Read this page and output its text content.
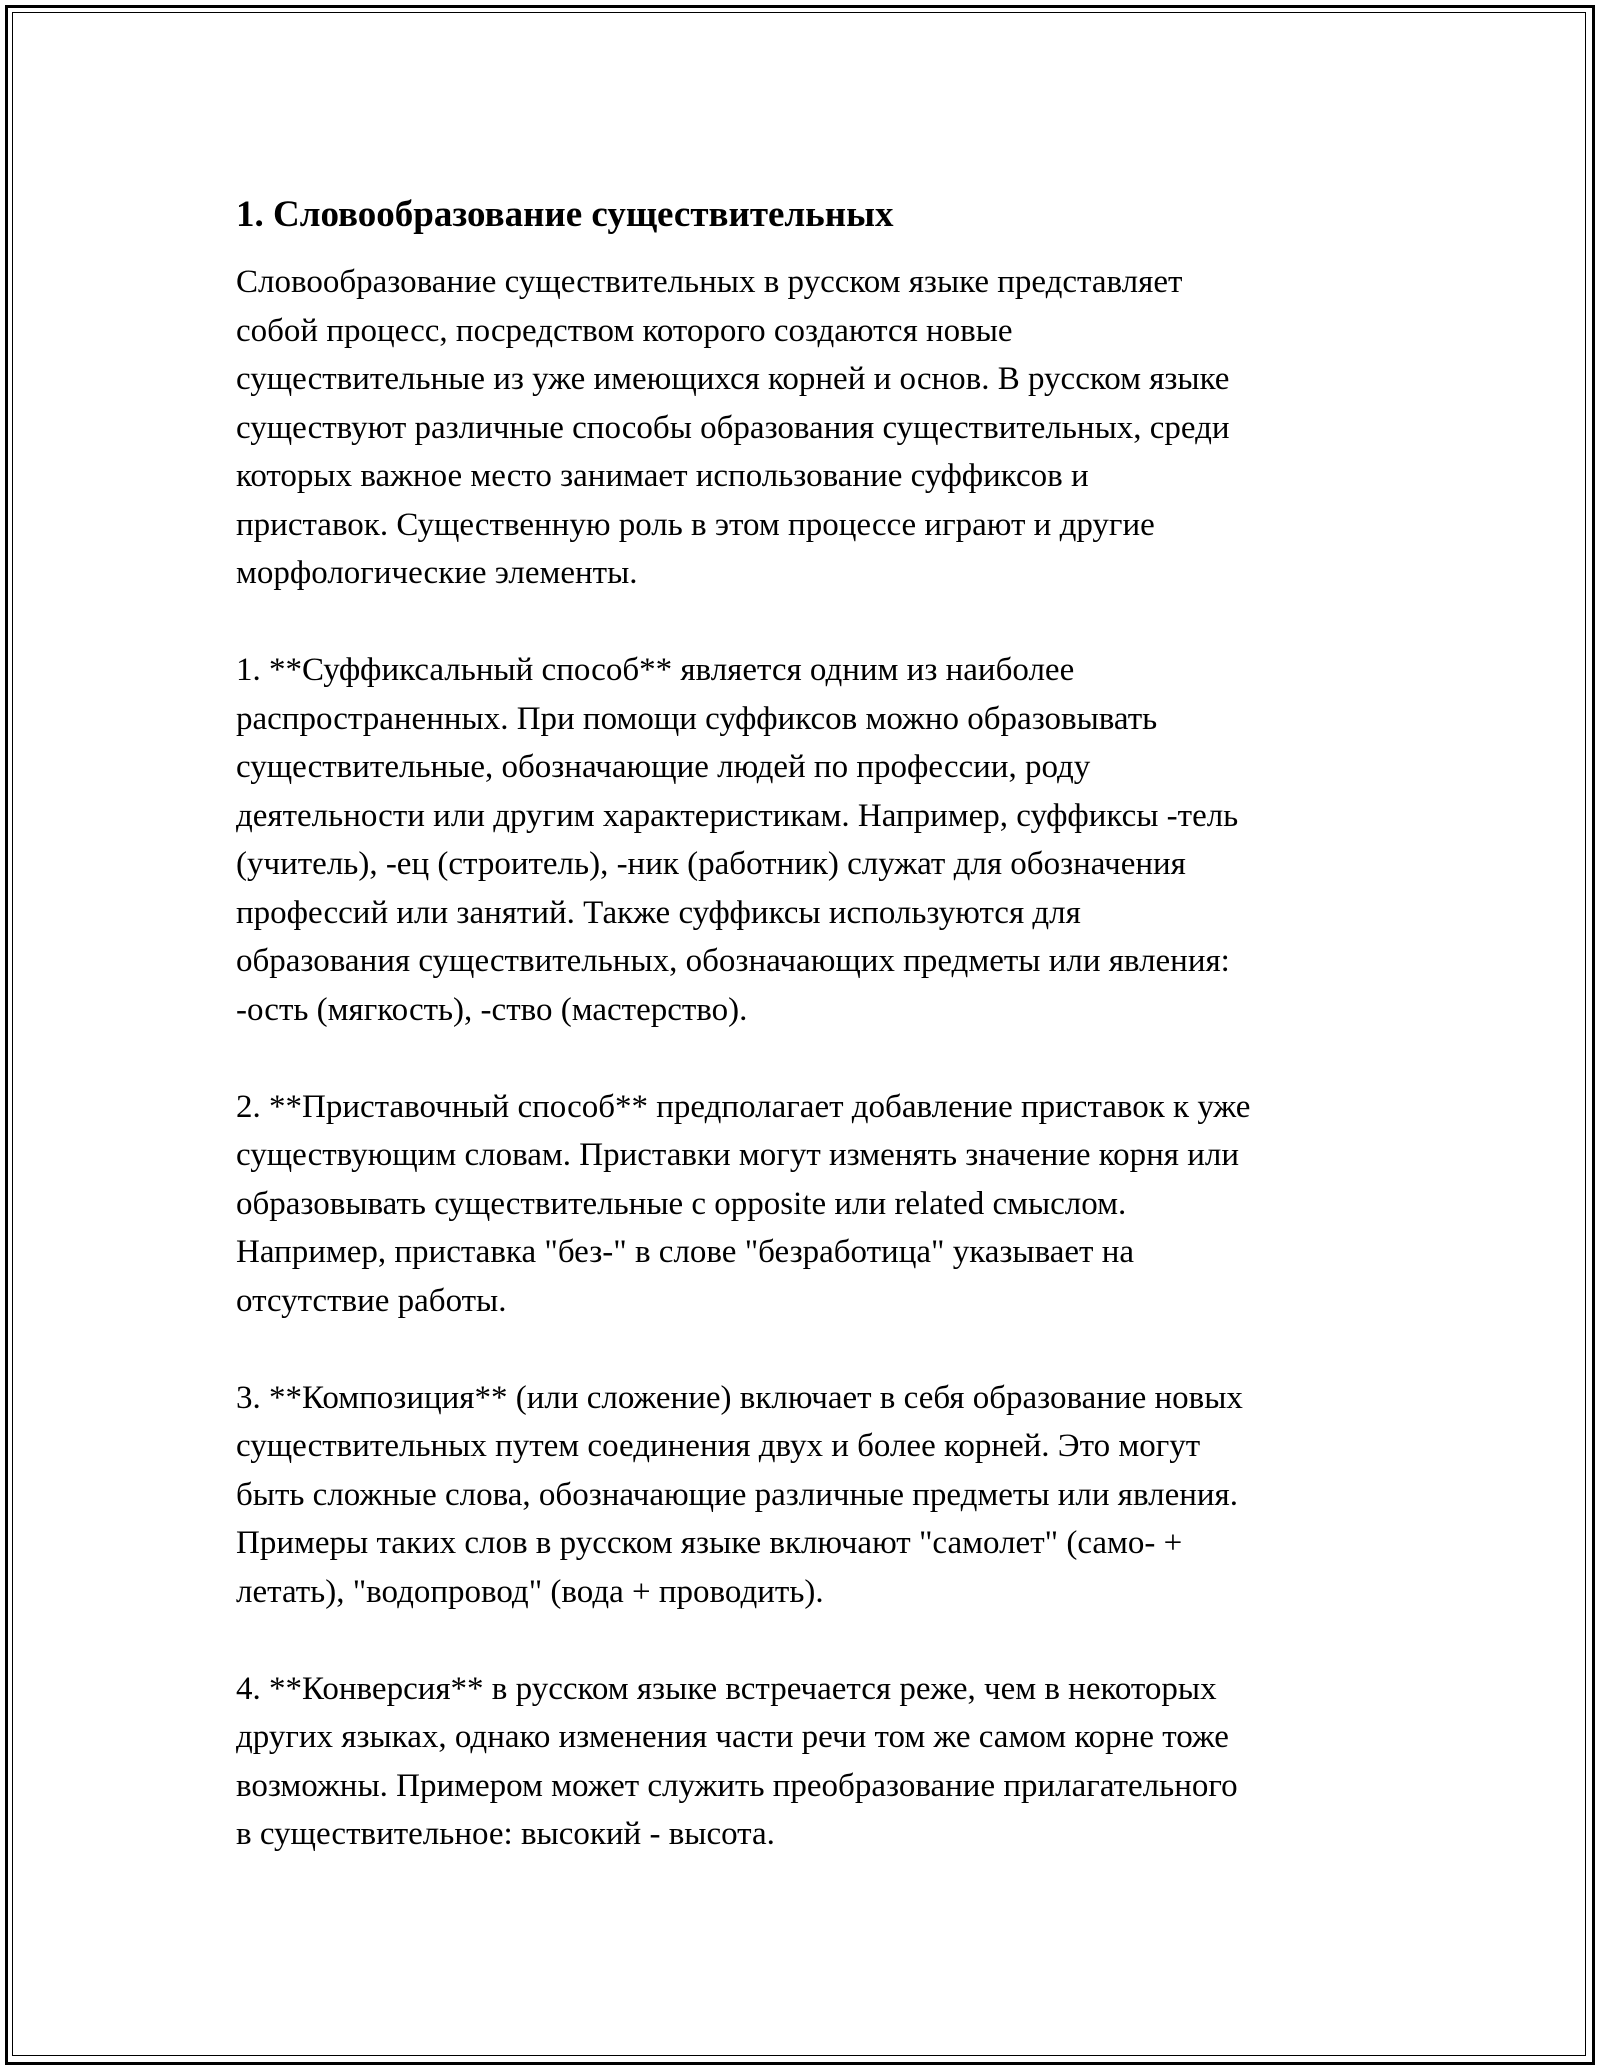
1. Словообразование существительных

Словообразование существительных в русском языке представляет
собой процесс, посредством которого создаются новые
существительные из уже имеющихся корней и основ. В русском языке
существуют различные способы образования существительных, среди
которых важное место занимает использование суффиксов и
приставок. Существенную роль в этом процессе играют и другие
морфологические элементы.

1. **Суффиксальный способ** является одним из наиболее
распространенных. При помощи суффиксов можно образовывать
существительные, обозначающие людей по профессии, роду
деятельности или другим характеристикам. Например, суффиксы -тель
(учитель), -ец (строитель), -ник (работник) служат для обозначения
профессий или занятий. Также суффиксы используются для
образования существительных, обозначающих предметы или явления:
-ость (мягкость), -ство (мастерство).

2. **Приставочный способ** предполагает добавление приставок к уже
существующим словам. Приставки могут изменять значение корня или
образовывать существительные с opposite или related смыслом.
Например, приставка "без-" в слове "безработица" указывает на
отсутствие работы.

3. **Композиция** (или сложение) включает в себя образование новых
существительных путем соединения двух и более корней. Это могут
быть сложные слова, обозначающие различные предметы или явления.
Примеры таких слов в русском языке включают "самолет" (само- +
летать), "водопровод" (вода + проводить).

4. **Конверсия** в русском языке встречается реже, чем в некоторых
других языках, однако изменения части речи том же самом корне тоже
возможны. Примером может служить преобразование прилагательного
в существительное: высокий - высота.
